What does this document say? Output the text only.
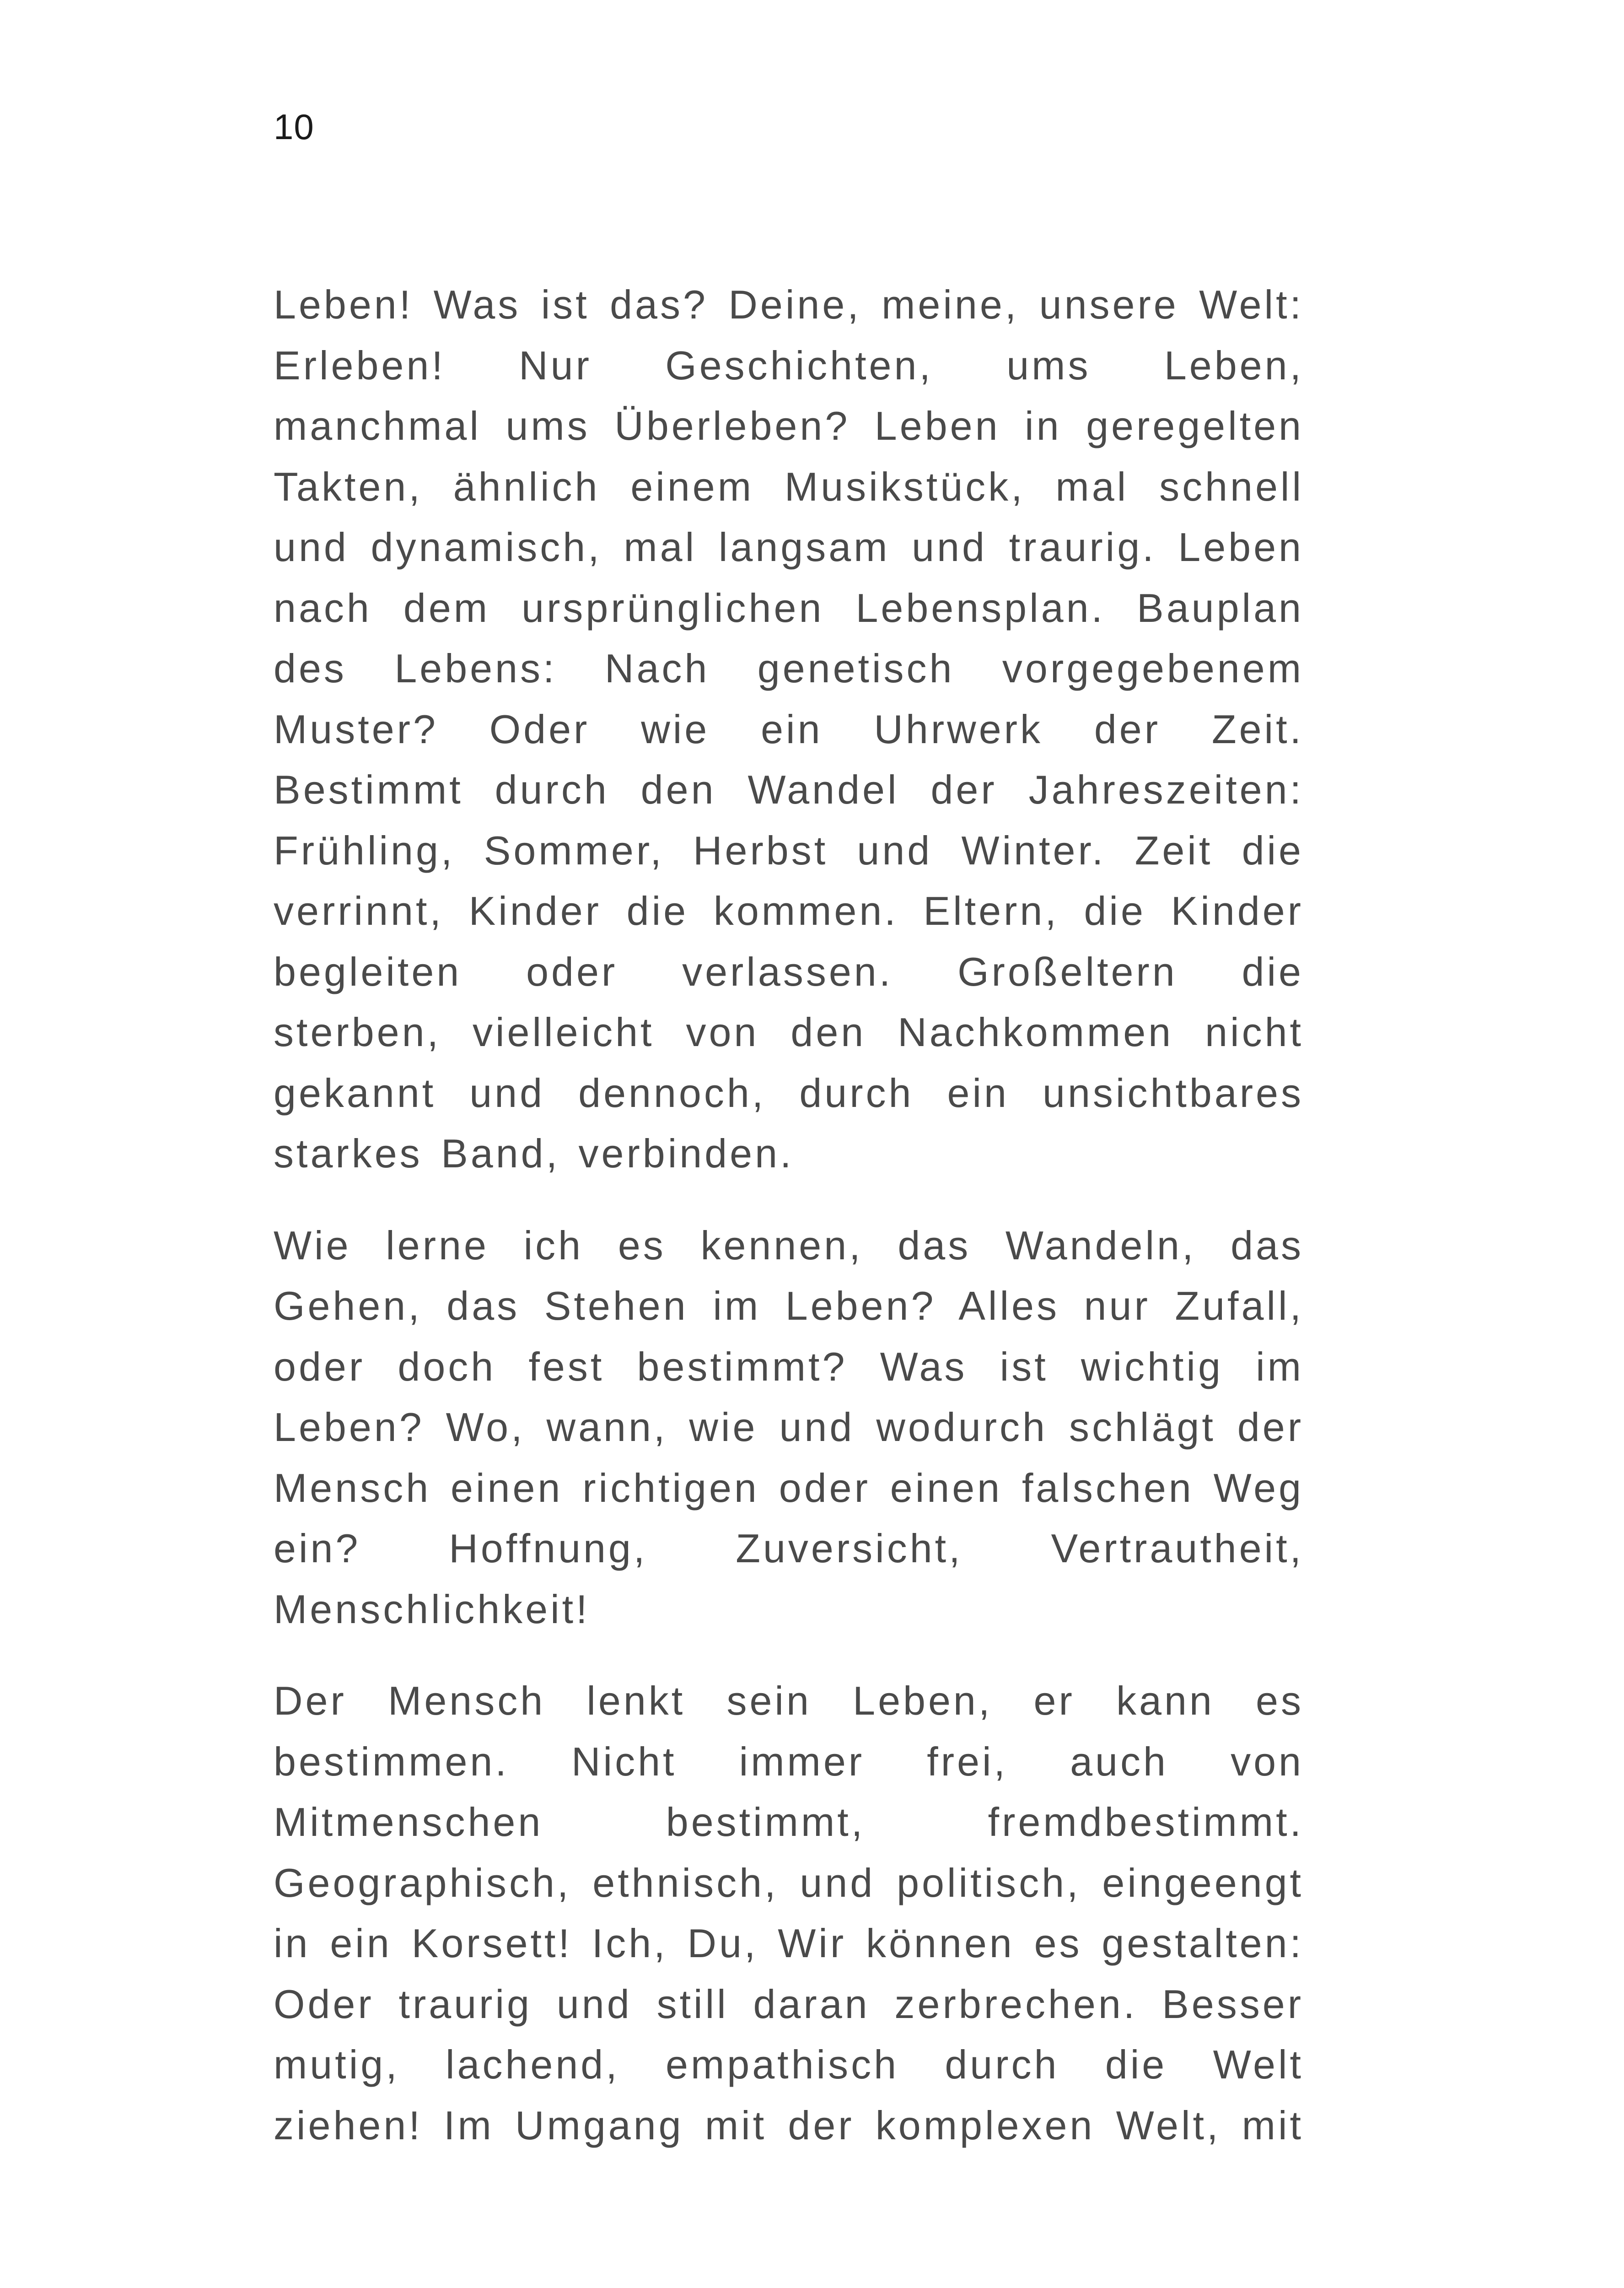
10
Leben! Was ist das? Deine, meine, unsere Welt:
Erleben! Nur Geschichten, ums Leben,
manchmal ums Überleben? Leben in geregelten
Takten, ähnlich einem Musikstück, mal schnell
und dynamisch, mal langsam und traurig. Leben
nach dem ursprünglichen Lebensplan. Bauplan
des Lebens: Nach genetisch vorgegebenem
Muster? Oder wie ein Uhrwerk der Zeit.
Bestimmt durch den Wandel der Jahreszeiten:
Frühling, Sommer, Herbst und Winter. Zeit die
verrinnt, Kinder die kommen. Eltern, die Kinder
begleiten oder verlassen. Großeltern die
sterben, vielleicht von den Nachkommen nicht
gekannt und dennoch, durch ein unsichtbares
starkes Band, verbinden.
Wie lerne ich es kennen, das Wandeln, das
Gehen, das Stehen im Leben? Alles nur Zufall,
oder doch fest bestimmt? Was ist wichtig im
Leben? Wo, wann, wie und wodurch schlägt der
Mensch einen richtigen oder einen falschen Weg
ein? Hoffnung, Zuversicht, Vertrautheit,
Menschlichkeit!
Der Mensch lenkt sein Leben, er kann es
bestimmen. Nicht immer frei, auch von
Mitmenschen bestimmt, fremdbestimmt.
Geographisch, ethnisch, und politisch, eingeengt
in ein Korsett! Ich, Du, Wir können es gestalten:
Oder traurig und still daran zerbrechen. Besser
mutig, lachend, empathisch durch die Welt
ziehen! Im Umgang mit der komplexen Welt, mit
